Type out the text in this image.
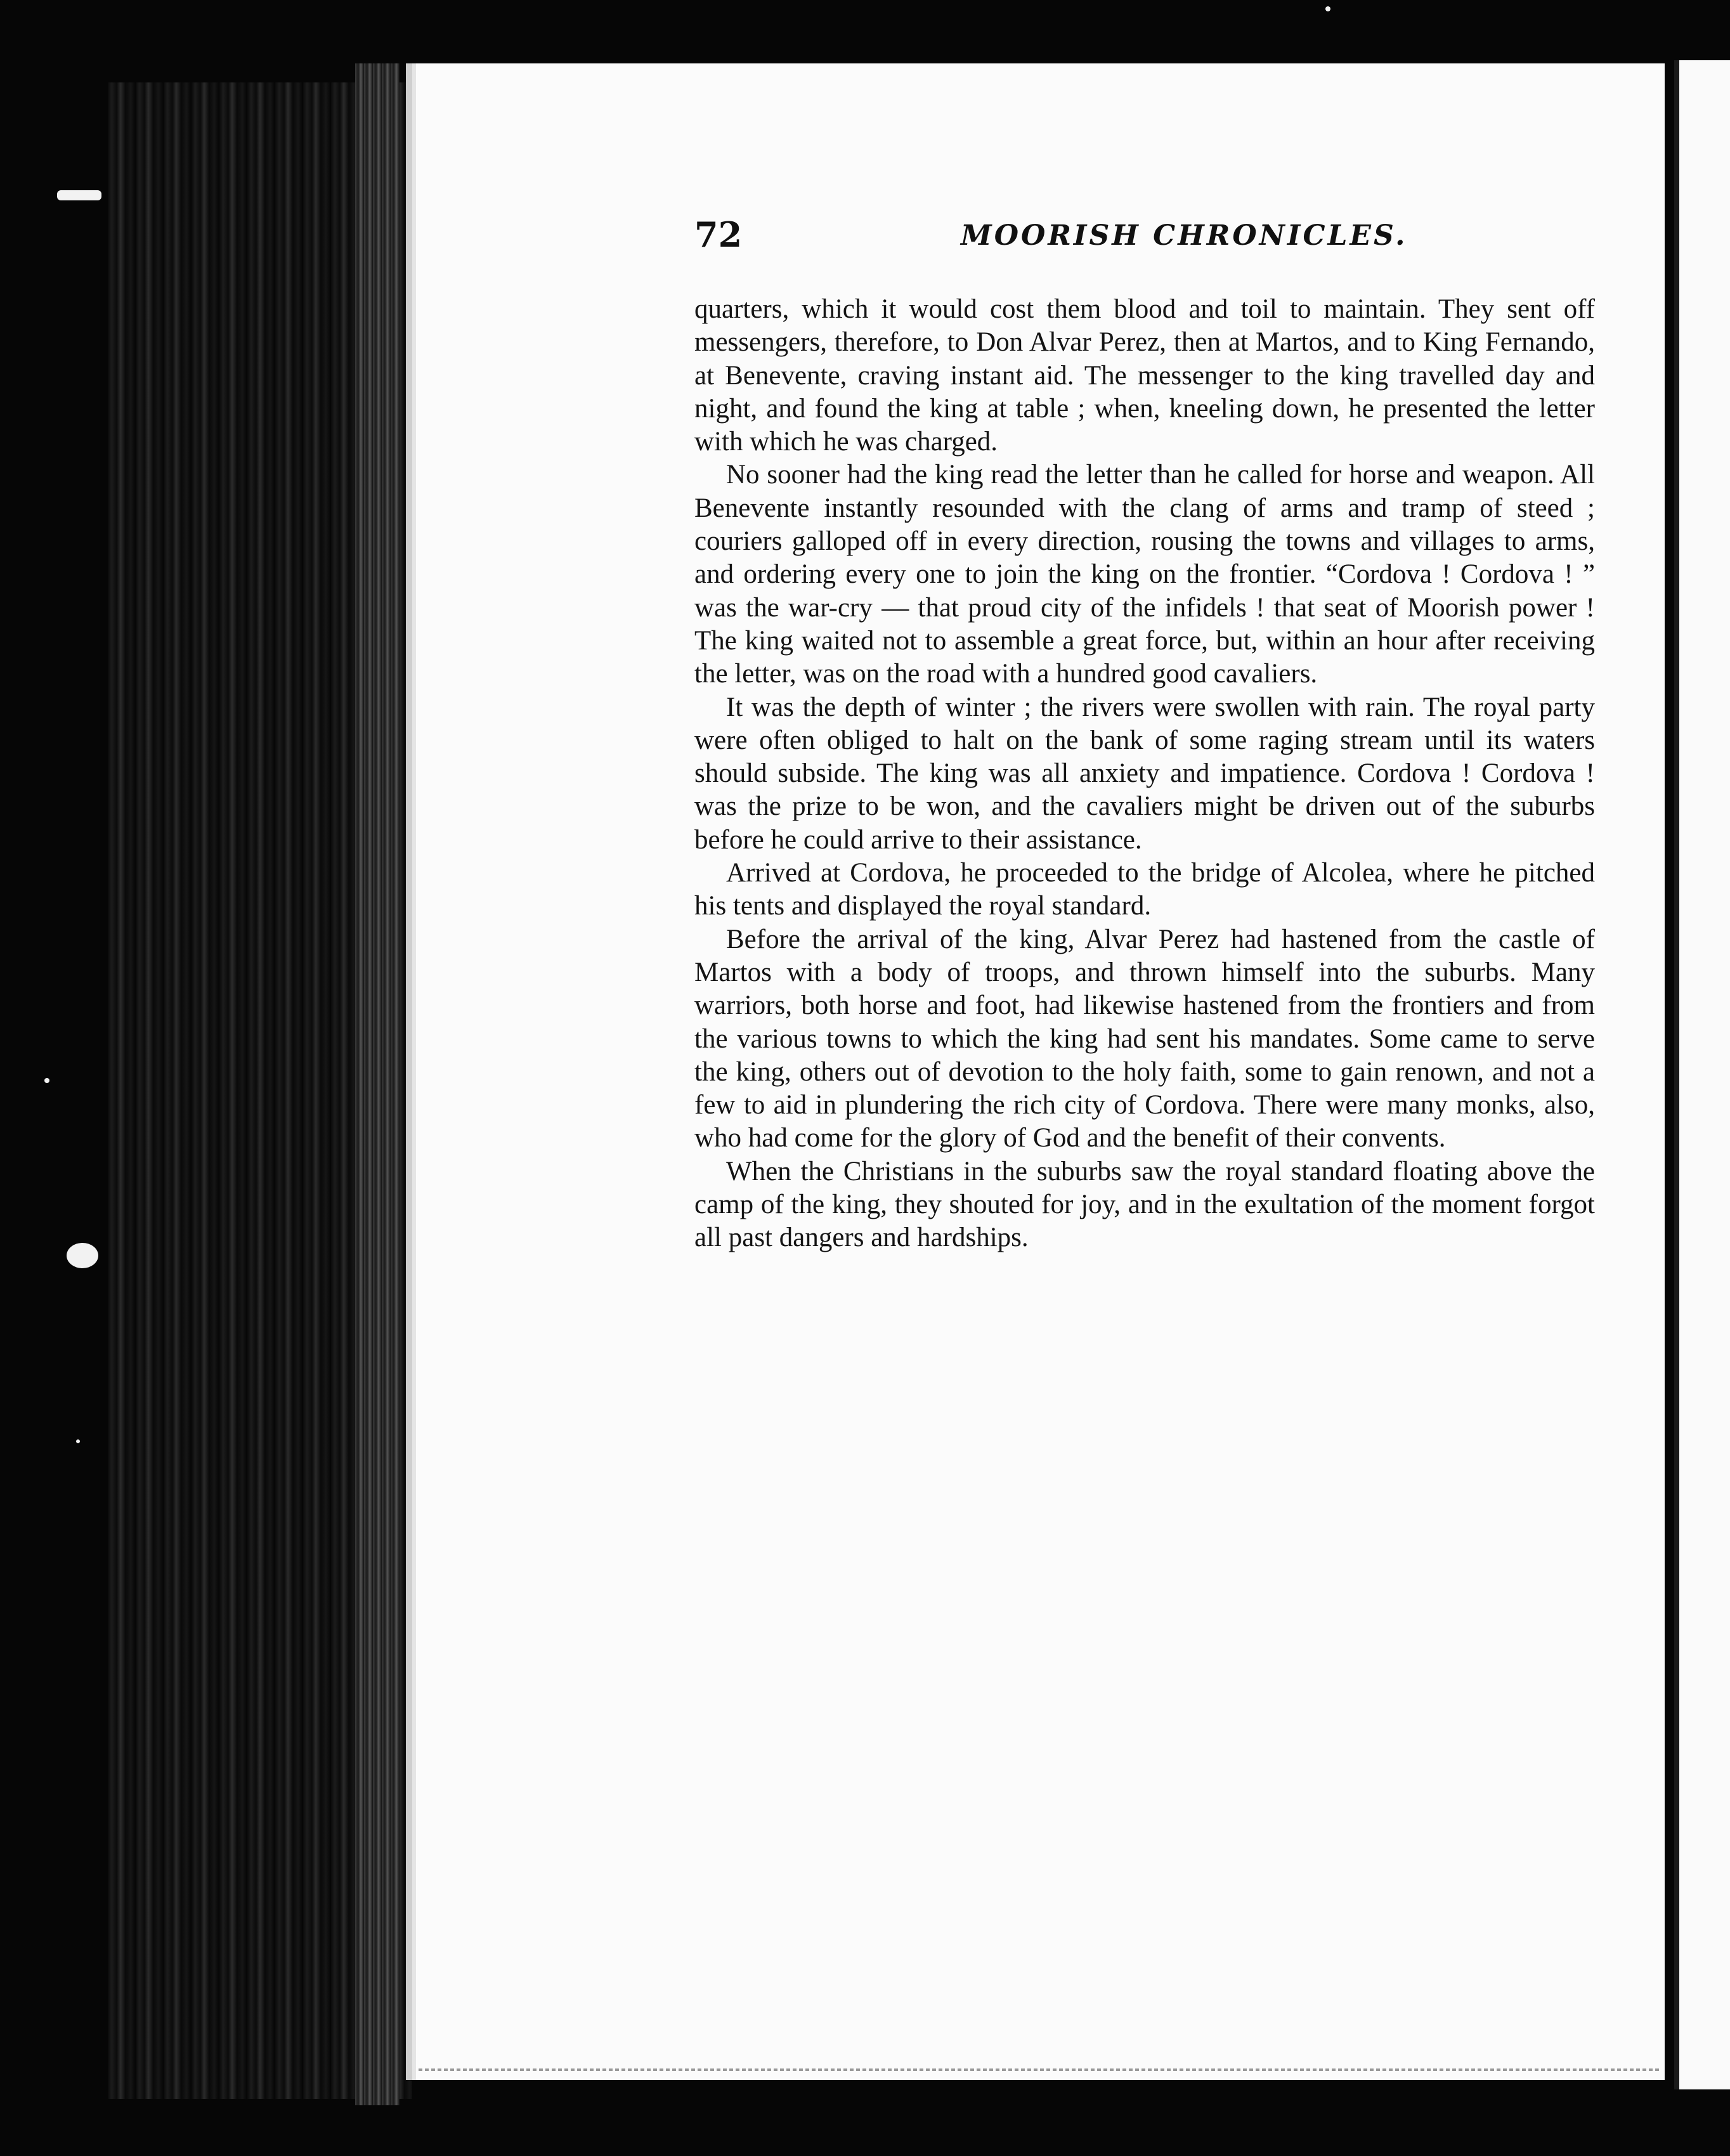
72	MOORISH CHRONICLES.

quarters, which it would cost them blood and toil to maintain. They sent off messengers, therefore, to Don Alvar Perez, then at Martos, and to King Fernando, at Benevente, craving instant aid. The messenger to the king travelled day and night, and found the king at table ; when, kneeling down, he presented the letter with which he was charged.

No sooner had the king read the letter than he called for horse and weapon. All Benevente instantly resounded with the clang of arms and tramp of steed ; couriers galloped off in every direction, rousing the towns and villages to arms, and ordering every one to join the king on the frontier. “Cordova ! Cordova ! ” was the war-cry — that proud city of the infidels ! that seat of Moorish power ! The king waited not to assemble a great force, but, within an hour after receiving the letter, was on the road with a hundred good cavaliers.

It was the depth of winter ; the rivers were swollen with rain. The royal party were often obliged to halt on the bank of some raging stream until its waters should subside. The king was all anxiety and impatience. Cordova ! Cordova ! was the prize to be won, and the cavaliers might be driven out of the suburbs before he could arrive to their assistance.

Arrived at Cordova, he proceeded to the bridge of Alcolea, where he pitched his tents and displayed the royal standard.

Before the arrival of the king, Alvar Perez had hastened from the castle of Martos with a body of troops, and thrown himself into the suburbs. Many warriors, both horse and foot, had likewise hastened from the frontiers and from the various towns to which the king had sent his mandates. Some came to serve the king, others out of devotion to the holy faith, some to gain renown, and not a few to aid in plundering the rich city of Cordova. There were many monks, also, who had come for the glory of God and the benefit of their convents.

When the Christians in the suburbs saw the royal standard floating above the camp of the king, they shouted for joy, and in the exultation of the moment forgot all past dangers and hardships.
